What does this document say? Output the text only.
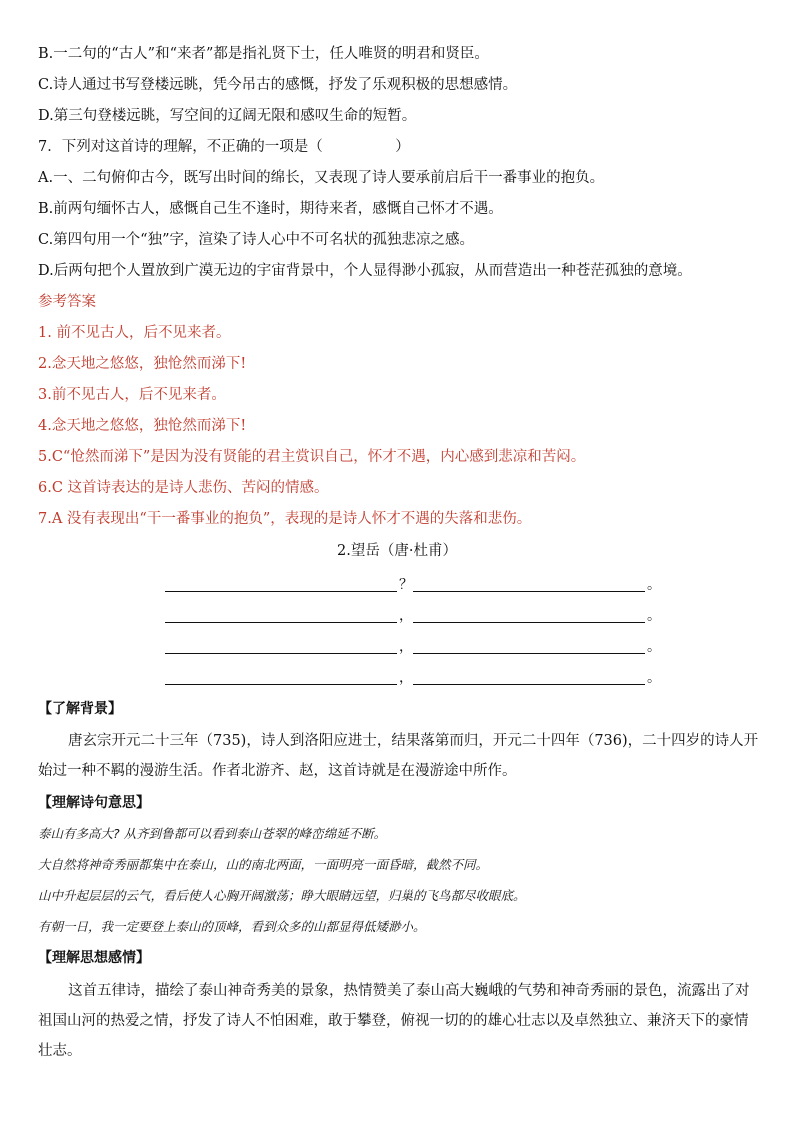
B.一二句的“古人”和“来者”都是指礼贤下士，任人唯贤的明君和贤臣。
C.诗人通过书写登楼远眺，凭今吊古的感慨，抒发了乐观积极的思想感情。
D.第三句登楼远眺，写空间的辽阔无限和感叹生命的短暂。
7．下列对这首诗的理解，不正确的一项是（　　　　　）
A.一、二句俯仰古今，既写出时间的绵长，又表现了诗人要承前启后干一番事业的抱负。
B.前两句缅怀古人，感慨自己生不逢时，期待来者，感慨自己怀才不遇。
C.第四句用一个“独”字，渲染了诗人心中不可名状的孤独悲凉之感。
D.后两句把个人置放到广漠无边的宇宙背景中，个人显得渺小孤寂，从而营造出一种苍茫孤独的意境。
参考答案
1. 前不见古人，后不见来者。
2.念天地之悠悠，独怆然而涕下!
3.前不见古人，后不见来者。
4.念天地之悠悠，独怆然而涕下!
5.C“怆然而涕下”是因为没有贤能的君主赏识自己，怀才不遇，内心感到悲凉和苦闷。
6.C 这首诗表达的是诗人悲伤、苦闷的情感。
7.A 没有表现出“干一番事业的抱负”，表现的是诗人怀才不遇的失落和悲伤。
2.望岳（唐·杜甫）
？	。
，	。
，	。
，	。
【了解背景】
唐玄宗开元二十三年（735)，诗人到洛阳应进士，结果落第而归，开元二十四年（736)，二十四岁的诗人开始过一种不羁的漫游生活。作者北游齐、赵，这首诗就是在漫游途中所作。
【理解诗句意思】
泰山有多高大? 从齐到鲁都可以看到泰山苍翠的峰峦绵延不断。
大自然将神奇秀丽都集中在泰山，山的南北两面，一面明亮一面昏暗，截然不同。
山中升起层层的云气，看后使人心胸开阔激荡；睁大眼睛远望，归巢的飞鸟都尽收眼底。
有朝一日，我一定要登上泰山的顶峰，看到众多的山都显得低矮渺小。
【理解思想感情】
这首五律诗，描绘了泰山神奇秀美的景象，热情赞美了泰山高大巍峨的气势和神奇秀丽的景色，流露出了对祖国山河的热爱之情，抒发了诗人不怕困难，敢于攀登，俯视一切的的雄心壮志以及卓然独立、兼济天下的豪情壮志。
